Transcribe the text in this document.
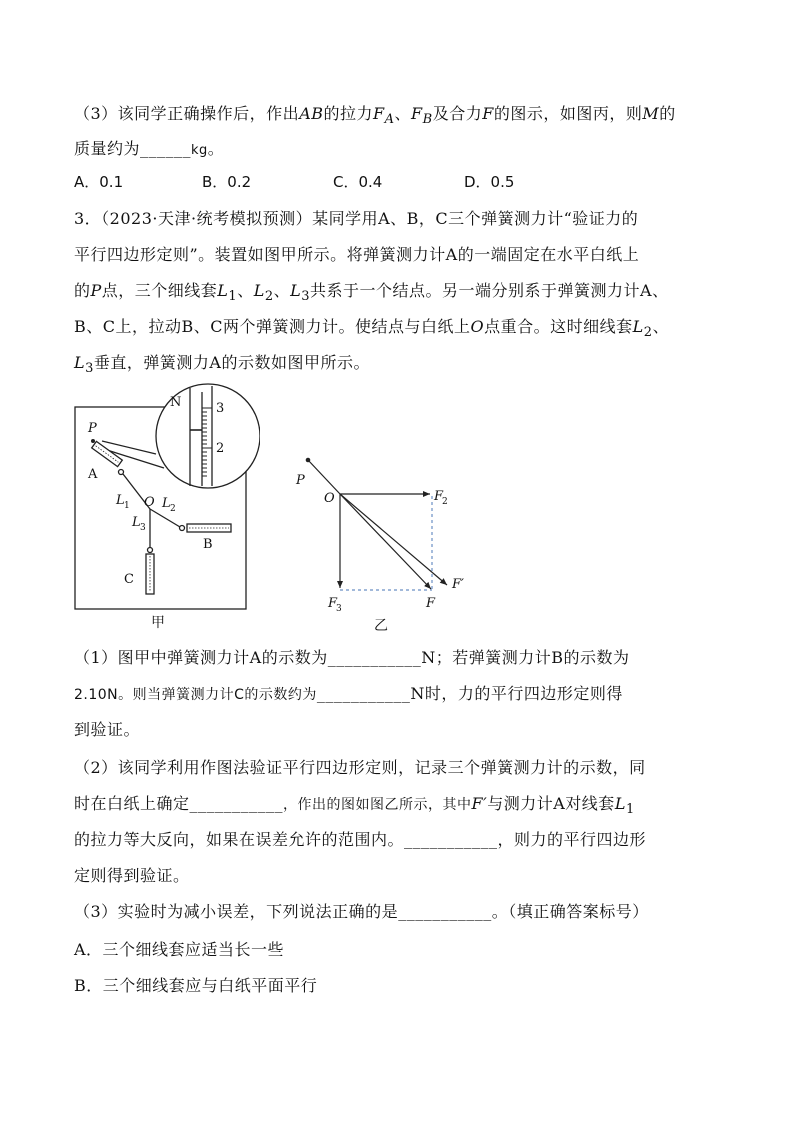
（3）该同学正确操作后，作出AB的拉力$F_A$、$F_B$及合力F的图示，如图丙，则M的
质量约为______kg。
A．0.1	B．0.2	C．0.4	D．0.5
3．（2023·天津·统考模拟预测）某同学用A、B，C三个弹簧测力计“验证力的
平行四边形定则”。装置如图甲所示。将弹簧测力计A的一端固定在水平白纸上
的P点，三个细线套$L_1$、$L_2$、$L_3$共系于一个结点。另一端分别系于弹簧测力计A、
B、C上，拉动B、C两个弹簧测力计。使结点与白纸上O点重合。这时细线套$L_2$、
$L_3$垂直，弹簧测力A的示数如图甲所示。
N	3
2
P
A
L 1 O L 2
L 3
B
C
甲
P
O	F
2
F′
F
3	F
乙
（1）图甲中弹簧测力计A的示数为___________N；若弹簧测力计B的示数为
2.10N。则当弹簧测力计C的示数约为___________N时，力的平行四边形定则得
到验证。
（2）该同学利用作图法验证平行四边形定则，记录三个弹簧测力计的示数，同
时在白纸上确定___________，作出的图如图乙所示，其中F′与测力计A对线套$L_1$
的拉力等大反向，如果在误差允许的范围内。___________，则力的平行四边形
定则得到验证。
（3）实验时为减小误差，下列说法正确的是___________。（填正确答案标号）
A．三个细线套应适当长一些
B．三个细线套应与白纸平面平行
